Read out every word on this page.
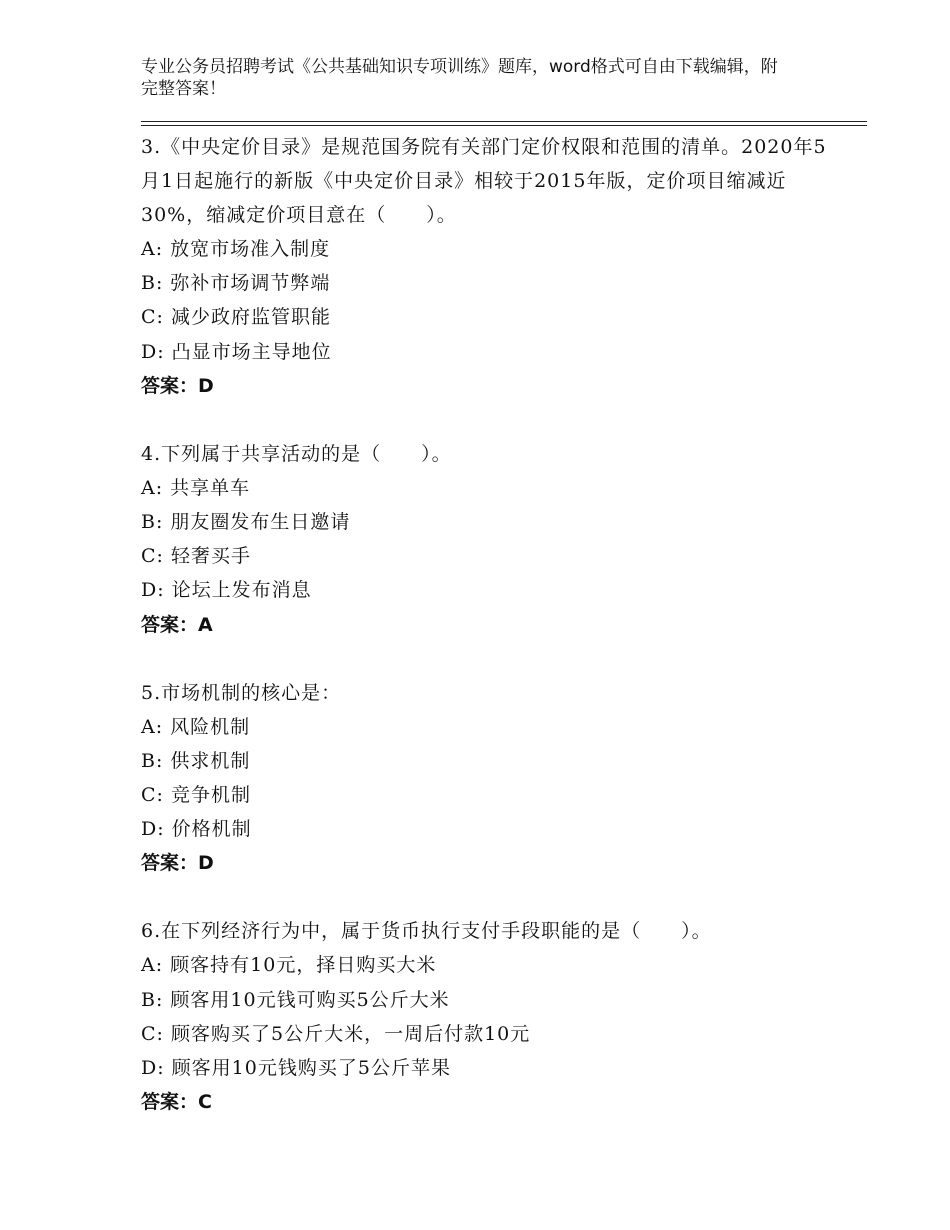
专业公务员招聘考试《公共基础知识专项训练》题库，word格式可自由下载编辑，附完整答案！

3.《中央定价目录》是规范国务院有关部门定价权限和范围的清单。2020年5月1日起施行的新版《中央定价目录》相较于2015年版，定价项目缩减近30%，缩减定价项目意在（　　）。

A: 放宽市场准入制度

B: 弥补市场调节弊端

C: 减少政府监管职能

D: 凸显市场主导地位

答案：D

4.下列属于共享活动的是（　　）。

A: 共享单车

B: 朋友圈发布生日邀请

C: 轻奢买手

D: 论坛上发布消息

答案：A

5.市场机制的核心是：

A: 风险机制

B: 供求机制

C: 竞争机制

D: 价格机制

答案：D

6.在下列经济行为中，属于货币执行支付手段职能的是（　　）。

A: 顾客持有10元，择日购买大米

B: 顾客用10元钱可购买5公斤大米

C: 顾客购买了5公斤大米，一周后付款10元

D: 顾客用10元钱购买了5公斤苹果

答案：C
